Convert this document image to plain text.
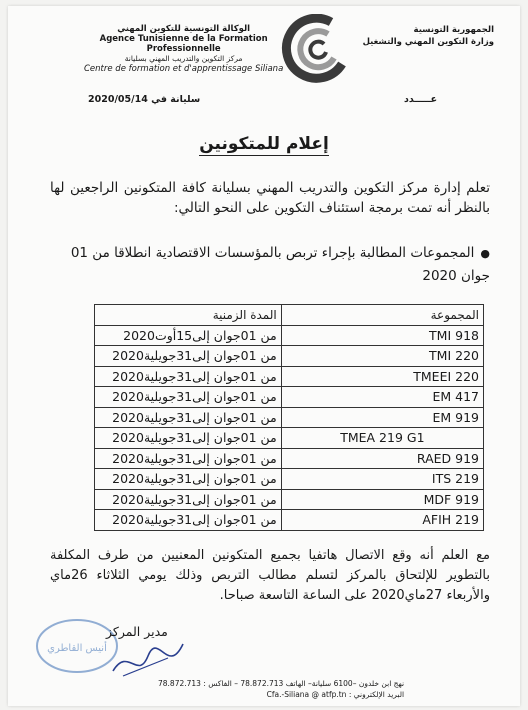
الجمهورية التونسية
وزارة التكوين المهني والتشغيل
الوكالة التونسية للتكوين المهني
Agence Tunisienne de la Formation
Professionnelle
مركز التكوين والتدريب المهني بسليانة
Centre de formation et d'apprentissage Siliana
عـــــدد
سليانة في 2020/05/14
إعلام للمتكونين
تعلم إدارة مركز التكوين والتدريب المهني بسليانة كافة المتكونين الراجعين لها بالنظر أنه تمت برمجة استئناف التكوين على النحو التالي:
●المجموعات المطالبة بإجراء تربص بالمؤسسات الاقتصادية انطلاقا من 01 جوان 2020
المجموعة	المدة الزمنية
TMI 918	من 01جوان إلى15أوت2020
TMI 220	من 01جوان إلى31جويلية2020
TMEEI 220	من 01جوان إلى31جويلية2020
EM 417	من 01جوان إلى31جويلية2020
EM 919	من 01جوان إلى31جويلية2020
TMEA 219 G1	من 01جوان إلى31جويلية2020
RAED 919	من 01جوان إلى31جويلية2020
ITS 219	من 01جوان إلى31جويلية2020
MDF 919	من 01جوان إلى31جويلية2020
AFIH 219	من 01جوان إلى31جويلية2020
مع العلم أنه وقع الاتصال هاتفيا بجميع المتكونين المعنيين من طرف المكلفة بالتطوير للإلتحاق بالمركز لتسلم مطالب التربص وذلك يومي الثلاثاء 26ماي والأربعاء 27ماي2020 على الساعة التاسعة صباحا.
أنيس القاطري
مدير المركز
نهج ابن خلدون –6100 سليانة– الهاتف 78.872.713 – الفاكس : 78.872.713
البريد الإلكتروني : Cfa.-Siliana @ atfp.tn
